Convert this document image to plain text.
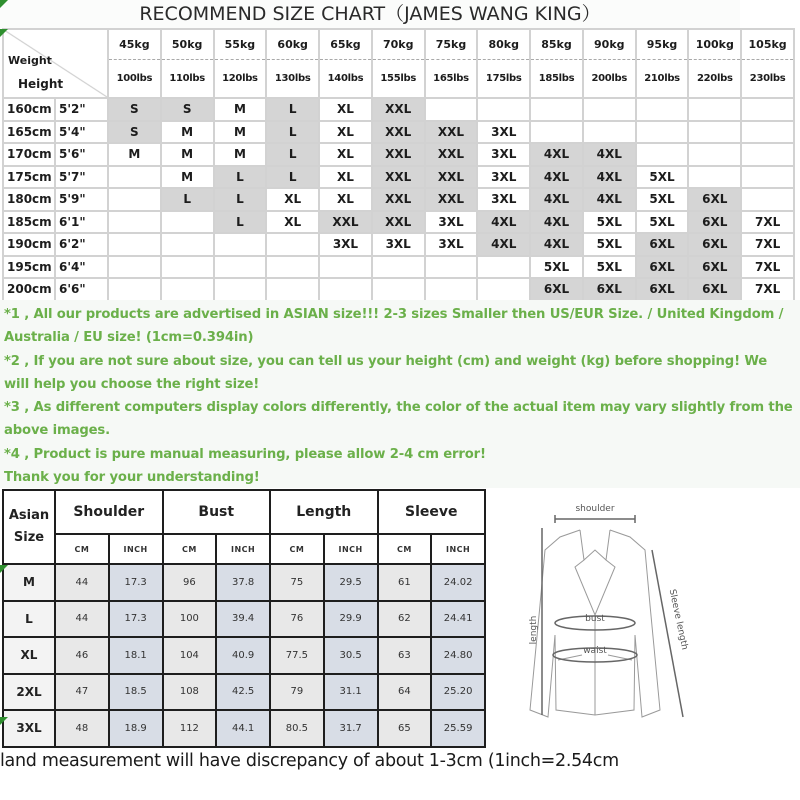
RECOMMEND SIZE CHART（JAMES WANG KING）
Weight
Height		45kg	50kg	55kg	60kg	65kg	70kg	75kg	80kg	85kg	90kg	95kg	100kg	105kg
		100lbs	110lbs	120lbs	130lbs	140lbs	155lbs	165lbs	175lbs	185lbs	200lbs	210lbs	220lbs	230lbs
160cm	5'2"	S	S	M	L	XL	XXL							
165cm	5'4"	S	M	M	L	XL	XXL	XXL	3XL					
170cm	5'6"	M	M	M	L	XL	XXL	XXL	3XL	4XL	4XL			
175cm	5'7"		M	L	L	XL	XXL	XXL	3XL	4XL	4XL	5XL		
180cm	5'9"		L	L	XL	XL	XXL	XXL	3XL	4XL	4XL	5XL	6XL	
185cm	6'1"			L	XL	XXL	XXL	3XL	4XL	4XL	5XL	5XL	6XL	7XL
190cm	6'2"					3XL	3XL	3XL	4XL	4XL	5XL	6XL	6XL	7XL
195cm	6'4"									5XL	5XL	6XL	6XL	7XL
200cm	6'6"									6XL	6XL	6XL	6XL	7XL

*1 , All our products are advertised in ASIAN size!!! 2-3 sizes Smaller then US/EUR Size. / United Kingdom / Australia / EU size! (1cm=0.394in)

*2 , If you are not sure about size, you can tell us your height (cm) and weight (kg) before shopping! We will help you choose the right size!

*3 , As different computers display colors differently, the color of the actual item may vary slightly from the above images.

*4 , Product is pure manual measuring, please allow 2-4 cm error!

Thank you for your understanding!

Asian Size	Shoulder		Bust		Length		Sleeve	
	CM	INCH	CM	INCH	CM	INCH	CM	INCH
M	44	17.3	96	37.8	75	29.5	61	24.02
L	44	17.3	100	39.4	76	29.9	62	24.41
XL	46	18.1	104	40.9	77.5	30.5	63	24.80
2XL	47	18.5	108	42.5	79	31.1	64	25.20
3XL	48	18.9	112	44.1	80.5	31.7	65	25.59
shoulder
length	bust
waist
Sleeve length
land measurement will have discrepancy of about 1-3cm (1inch=2.54cm
